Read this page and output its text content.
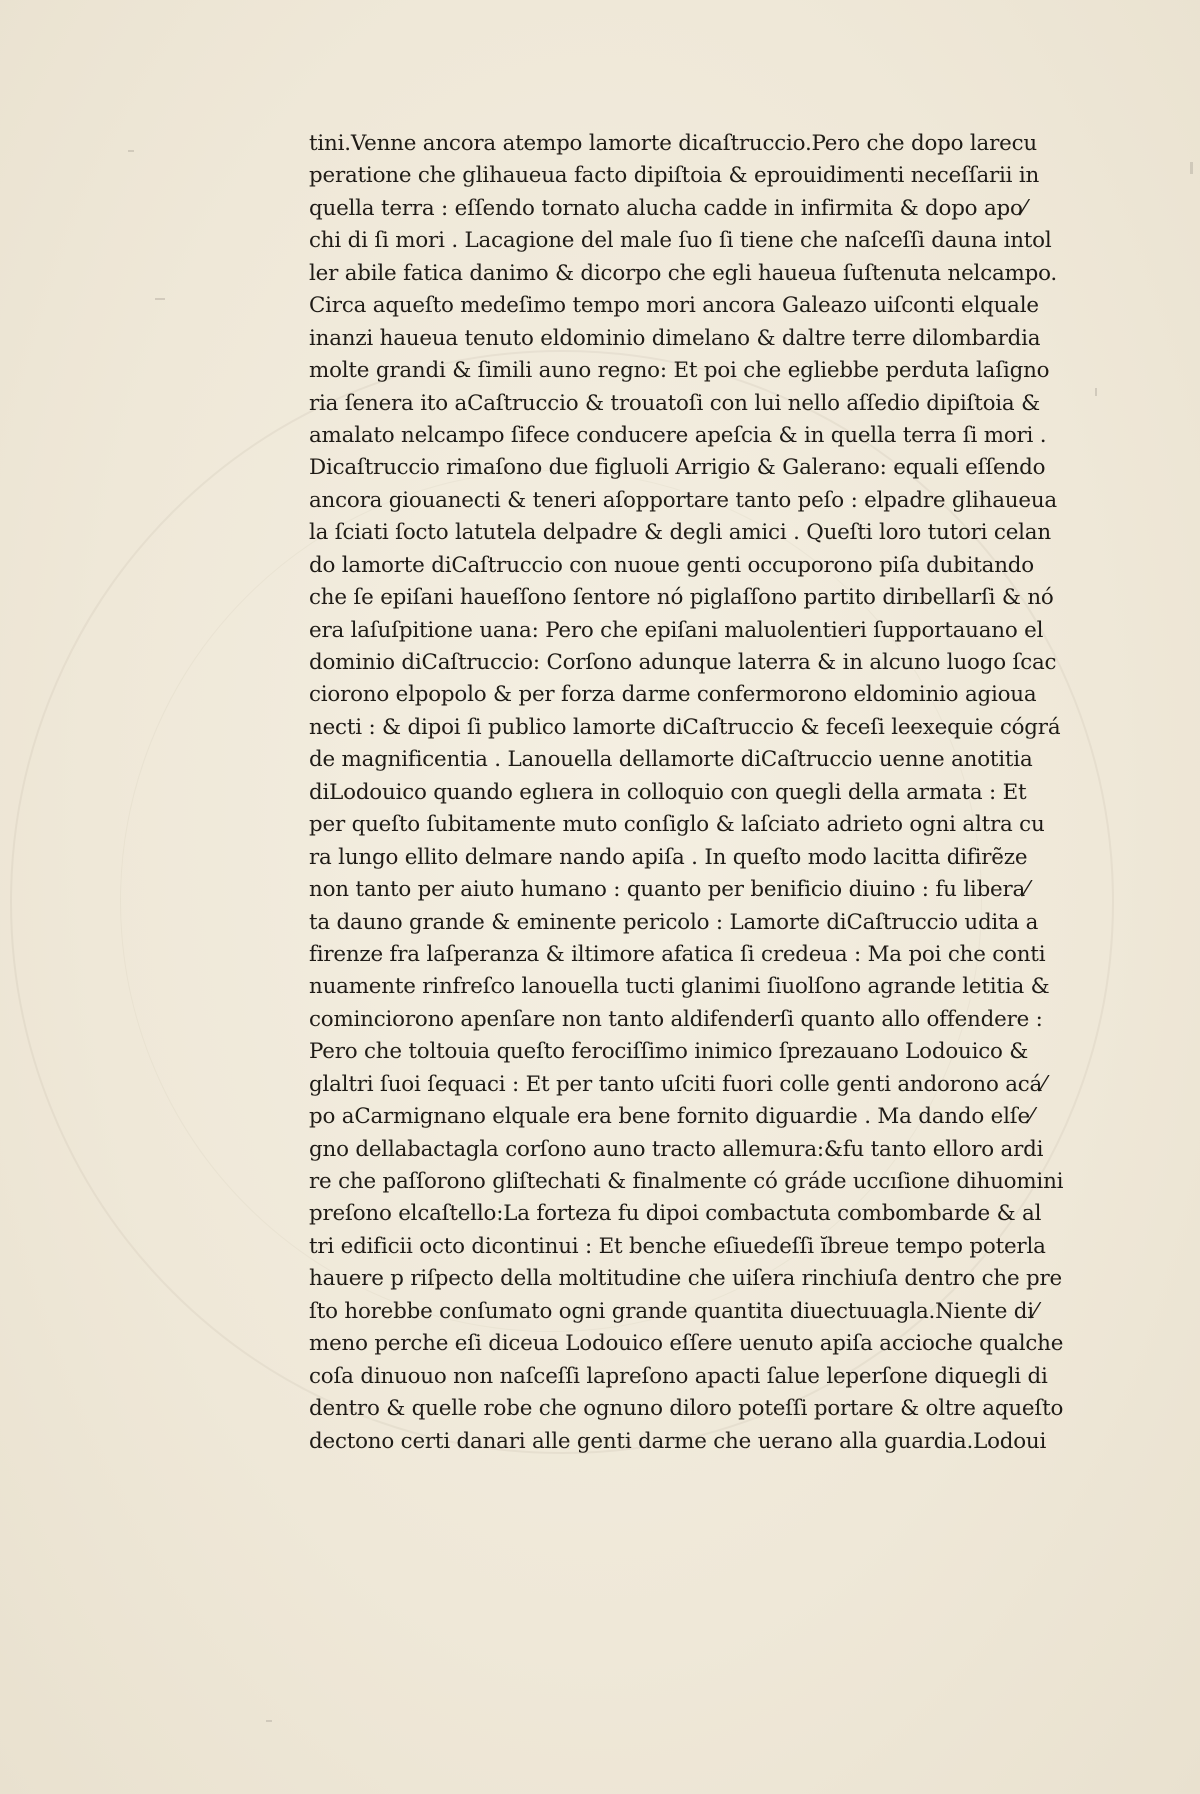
tini.Venne ancora atempo lamorte dicaſtruccio.Pero che dopo larecu
peratione che glihaueua facto dipiſtoia & eprouidimenti neceſſarii in
quella terra : eſſendo tornato alucha cadde in infirmita & dopo apo⁄
chi di ſi mori . Lacagione del male ſuo ſi tiene che naſceſſi dauna intol
ler abile fatica danimo & dicorpo che egli haueua ſuſtenuta nelcampo.
Circa aqueſto medeſimo tempo mori ancora Galeazo uiſconti elquale
inanzi haueua tenuto eldominio dimelano & daltre terre dilombardia
molte grandi & ſimili auno regno: Et poi che egliebbe perduta laſigno
ria ſenera ito aCaſtruccio & trouatoſi con lui nello aſſedio dipiſtoia &
amalato nelcampo ſifece conducere apeſcia & in quella terra ſi mori .
Dicaſtruccio rimaſono due figluoli Arrigio & Galerano: equali eſſendo
ancora giouanecti & teneri aſopportare tanto peſo : elpadre glihaueua
la ſciati ſocto latutela delpadre & degli amici . Queſti loro tutori celan
do lamorte diCaſtruccio con nuoue genti occuporono piſa dubitando
che ſe epiſani haueſſono ſentore nó piglaſſono partito dirıbellarſi & nó
era laſuſpitione uana: Pero che epiſani maluolentieri ſupportauano el
dominio diCaſtruccio: Corſono adunque laterra & in alcuno luogo ſcac
ciorono elpopolo & per forza darme confermorono eldominio agioua
necti : & dipoi ſi publico lamorte diCaſtruccio & feceſi leexequie cógrá
de magnificentia . Lanouella dellamorte diCaſtruccio uenne anotitia
diLodouico quando eglıera in colloquio con quegli della armata : Et
per queſto ſubitamente muto conſiglo & laſciato adrieto ogni altra cu
ra lungo ellito delmare nando apiſa . In queſto modo lacitta difirẽze
non tanto per aiuto humano : quanto per benificio diuino : fu libera⁄
ta dauno grande & eminente pericolo : Lamorte diCaſtruccio udita a
firenze fra laſperanza & iltimore afatica ſi credeua : Ma poi che conti
nuamente rinfreſco lanouella tucti glanimi ſiuolſono agrande letitia &
cominciorono apenſare non tanto aldifenderſi quanto allo offendere :
Pero che toltouia queſto ferociſſimo inimico ſprezauano Lodouico &
glaltri ſuoi ſequaci : Et per tanto uſciti fuori colle genti andorono acá⁄
po aCarmignano elquale era bene fornito diguardie . Ma dando elſe⁄
gno dellabactagla corſono auno tracto allemura:&fu tanto elloro ardi
re che paſſorono gliſtechati & finalmente có gráde uccıſione dihuomini
preſono elcaſtello:La forteza fu dipoi combactuta combombarde & al
tri edificii octo dicontinui : Et benche eſiuedeſſi ĭbreue tempo poterla
hauere p riſpecto della moltitudine che uiſera rinchiuſa dentro che pre
ſto horebbe conſumato ogni grande quantita diuectuuagla.Niente di⁄
meno perche eſi diceua Lodouico eſſere uenuto apiſa accioche qualche
coſa dinuouo non naſceſſi lapreſono apacti ſalue leperſone diquegli di
dentro & quelle robe che ognuno diloro poteſſi portare & oltre aqueſto
dectono certi danari alle genti darme che uerano alla guardia.Lodoui
